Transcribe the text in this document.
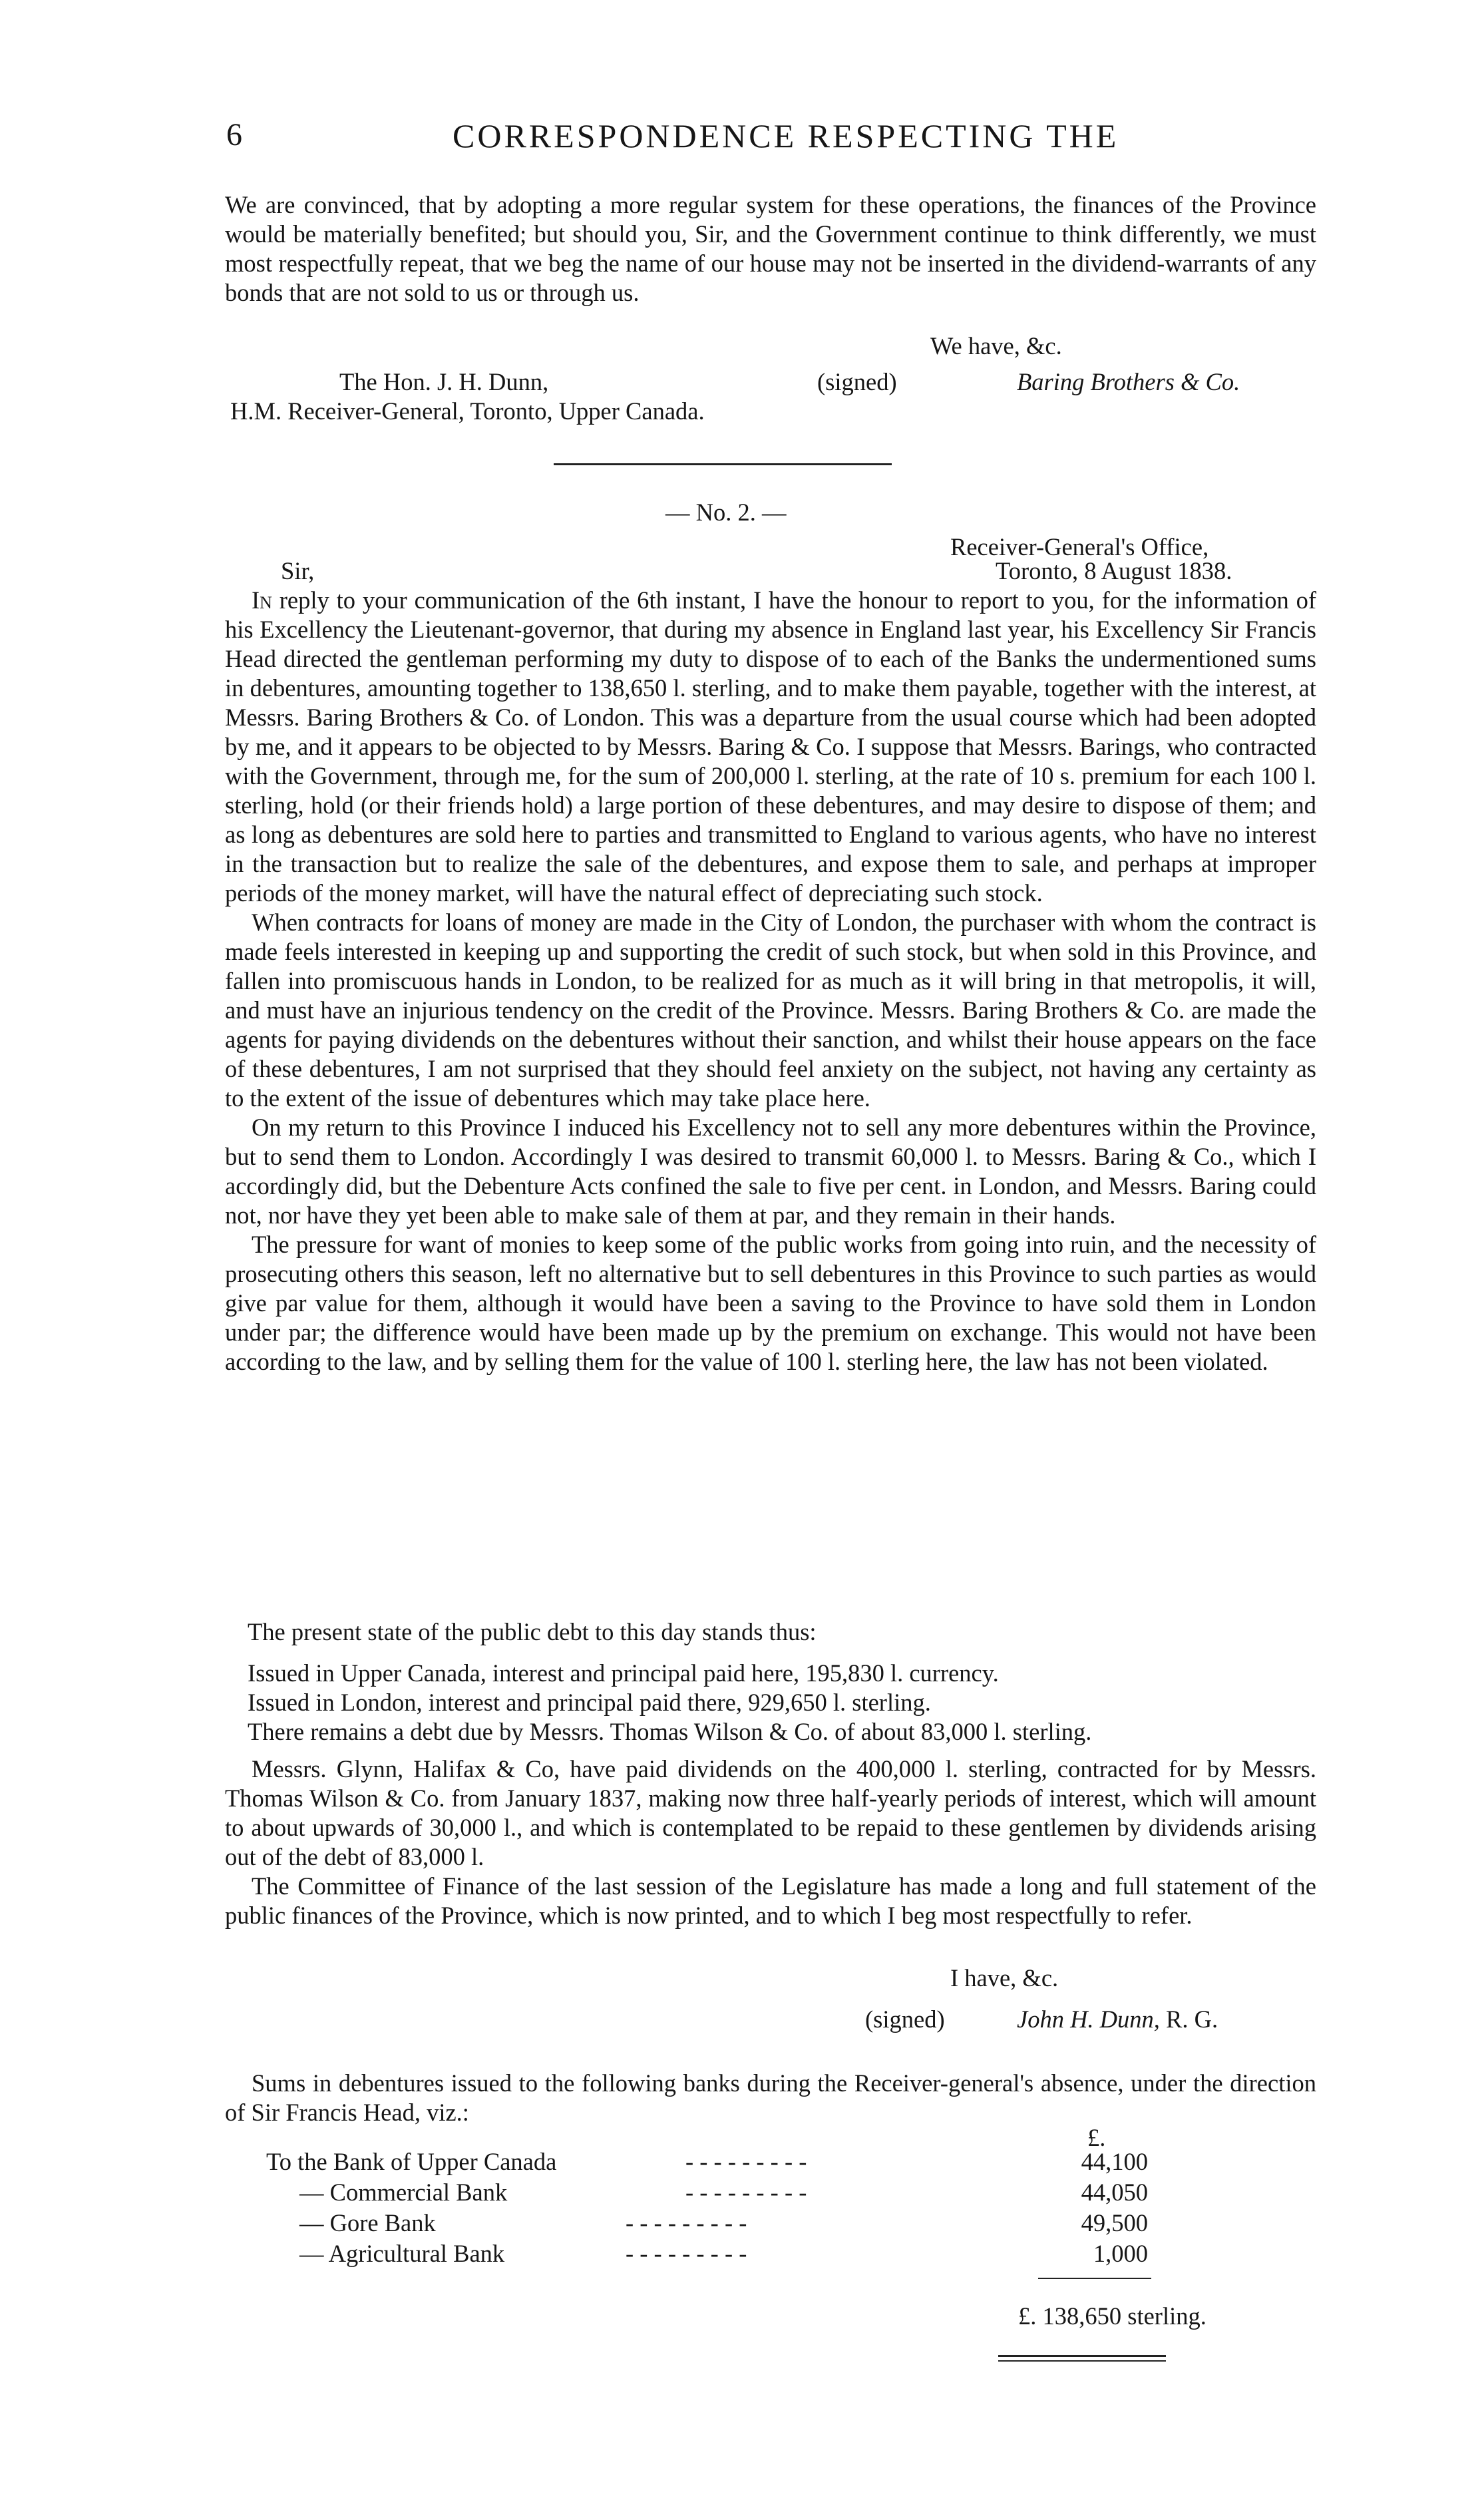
6	CORRESPONDENCE RESPECTING THE

We are convinced, that by adopting a more regular system for these operations, the finances of the Province would be materially benefited; but should you, Sir, and the Government continue to think differently, we must most respectfully repeat, that we beg the name of our house may not be inserted in the dividend-warrants of any bonds that are not sold to us or through us.

We have, &c.
The Hon. J. H. Dunn,	(signed)	Baring Brothers & Co.
H.M. Receiver-General, Toronto, Upper Canada.
— No. 2. —
Receiver-General's Office,
Sir,	Toronto, 8 August 1838.

In reply to your communication of the 6th instant, I have the honour to report to you, for the information of his Excellency the Lieutenant-governor, that during my absence in England last year, his Excellency Sir Francis Head directed the gentleman performing my duty to dispose of to each of the Banks the undermentioned sums in debentures, amounting together to 138,650 l. sterling, and to make them payable, together with the interest, at Messrs. Baring Brothers & Co. of London. This was a departure from the usual course which had been adopted by me, and it appears to be objected to by Messrs. Baring & Co. I suppose that Messrs. Barings, who contracted with the Government, through me, for the sum of 200,000 l. sterling, at the rate of 10 s. premium for each 100 l. sterling, hold (or their friends hold) a large portion of these debentures, and may desire to dispose of them; and as long as debentures are sold here to parties and transmitted to England to various agents, who have no interest in the transaction but to realize the sale of the debentures, and expose them to sale, and perhaps at improper periods of the money market, will have the natural effect of depreciating such stock.

When contracts for loans of money are made in the City of London, the purchaser with whom the contract is made feels interested in keeping up and supporting the credit of such stock, but when sold in this Province, and fallen into promiscuous hands in London, to be realized for as much as it will bring in that metropolis, it will, and must have an injurious tendency on the credit of the Province. Messrs. Baring Brothers & Co. are made the agents for paying dividends on the debentures without their sanction, and whilst their house appears on the face of these debentures, I am not surprised that they should feel anxiety on the subject, not having any certainty as to the extent of the issue of debentures which may take place here.

On my return to this Province I induced his Excellency not to sell any more debentures within the Province, but to send them to London. Accordingly I was desired to transmit 60,000 l. to Messrs. Baring & Co., which I accordingly did, but the Debenture Acts confined the sale to five per cent. in London, and Messrs. Baring could not, nor have they yet been able to make sale of them at par, and they remain in their hands.

The pressure for want of monies to keep some of the public works from going into ruin, and the necessity of prosecuting others this season, left no alternative but to sell debentures in this Province to such parties as would give par value for them, although it would have been a saving to the Province to have sold them in London under par; the difference would have been made up by the premium on exchange. This would not have been according to the law, and by selling them for the value of 100 l. sterling here, the law has not been violated.

The present state of the public debt to this day stands thus:
Issued in Upper Canada, interest and principal paid here, 195,830 l. currency.
Issued in London, interest and principal paid there, 929,650 l. sterling.
There remains a debt due by Messrs. Thomas Wilson & Co. of about 83,000 l. sterling.

Messrs. Glynn, Halifax & Co, have paid dividends on the 400,000 l. sterling, contracted for by Messrs. Thomas Wilson & Co. from January 1837, making now three half-yearly periods of interest, which will amount to about upwards of 30,000 l., and which is contemplated to be repaid to these gentlemen by dividends arising out of the debt of 83,000 l.

The Committee of Finance of the last session of the Legislature has made a long and full statement of the public finances of the Province, which is now printed, and to which I beg most respectfully to refer.

I have, &c.
(signed)	John H. Dunn, R. G.

Sums in debentures issued to the following banks during the Receiver-general's absence, under the direction of Sir Francis Head, viz.:

£.
To the Bank of Upper Canada	- - - - - - - - -	44,100
— Commercial Bank	- - - - - - - - -	44,050
— Gore Bank	- - - - - - - - -	49,500
— Agricultural Bank	- - - - - - - - -	1,000
£. 138,650 sterling.
